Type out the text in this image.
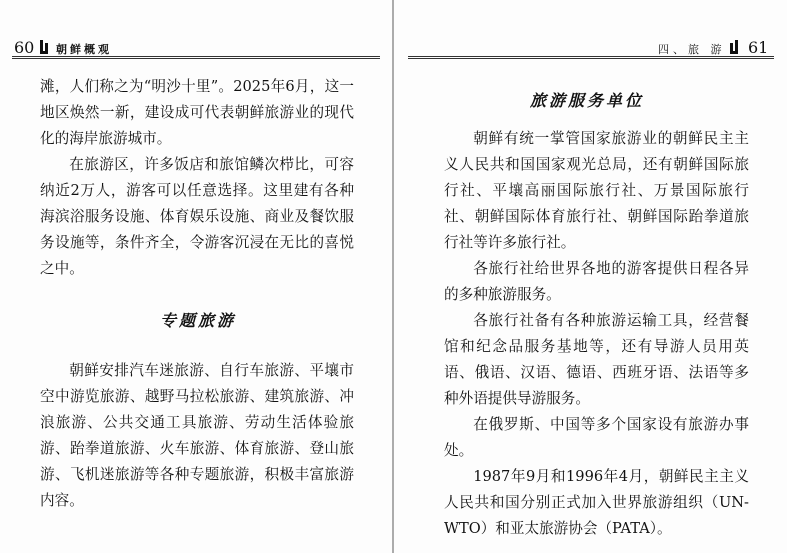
60 朝鲜概观

滩，人们称之为“明沙十里”。2025年6月，这一地区焕然一新，建设成可代表朝鲜旅游业的现代化的海岸旅游城市。

在旅游区，许多饭店和旅馆鳞次栉比，可容纳近2万人，游客可以任意选择。这里建有各种海滨浴服务设施、体育娱乐设施、商业及餐饮服务设施等，条件齐全，令游客沉浸在无比的喜悦之中。

专题旅游

朝鲜安排汽车迷旅游、自行车旅游、平壤市空中游览旅游、越野马拉松旅游、建筑旅游、冲浪旅游、公共交通工具旅游、劳动生活体验旅游、跆拳道旅游、火车旅游、体育旅游、登山旅游、飞机迷旅游等各种专题旅游，积极丰富旅游内容。

四、旅 游 61
旅游服务单位

朝鲜有统一掌管国家旅游业的朝鲜民主主义人民共和国国家观光总局，还有朝鲜国际旅行社、平壤高丽国际旅行社、万景国际旅行社、朝鲜国际体育旅行社、朝鲜国际跆拳道旅行社等许多旅行社。

各旅行社给世界各地的游客提供日程各异的多种旅游服务。

各旅行社备有各种旅游运输工具，经营餐馆和纪念品服务基地等，还有导游人员用英语、俄语、汉语、德语、西班牙语、法语等多种外语提供导游服务。

在俄罗斯、中国等多个国家设有旅游办事处。

1987年9月和1996年4月，朝鲜民主主义人民共和国分别正式加入世界旅游组织（UN-WTO）和亚太旅游协会（PATA）。
